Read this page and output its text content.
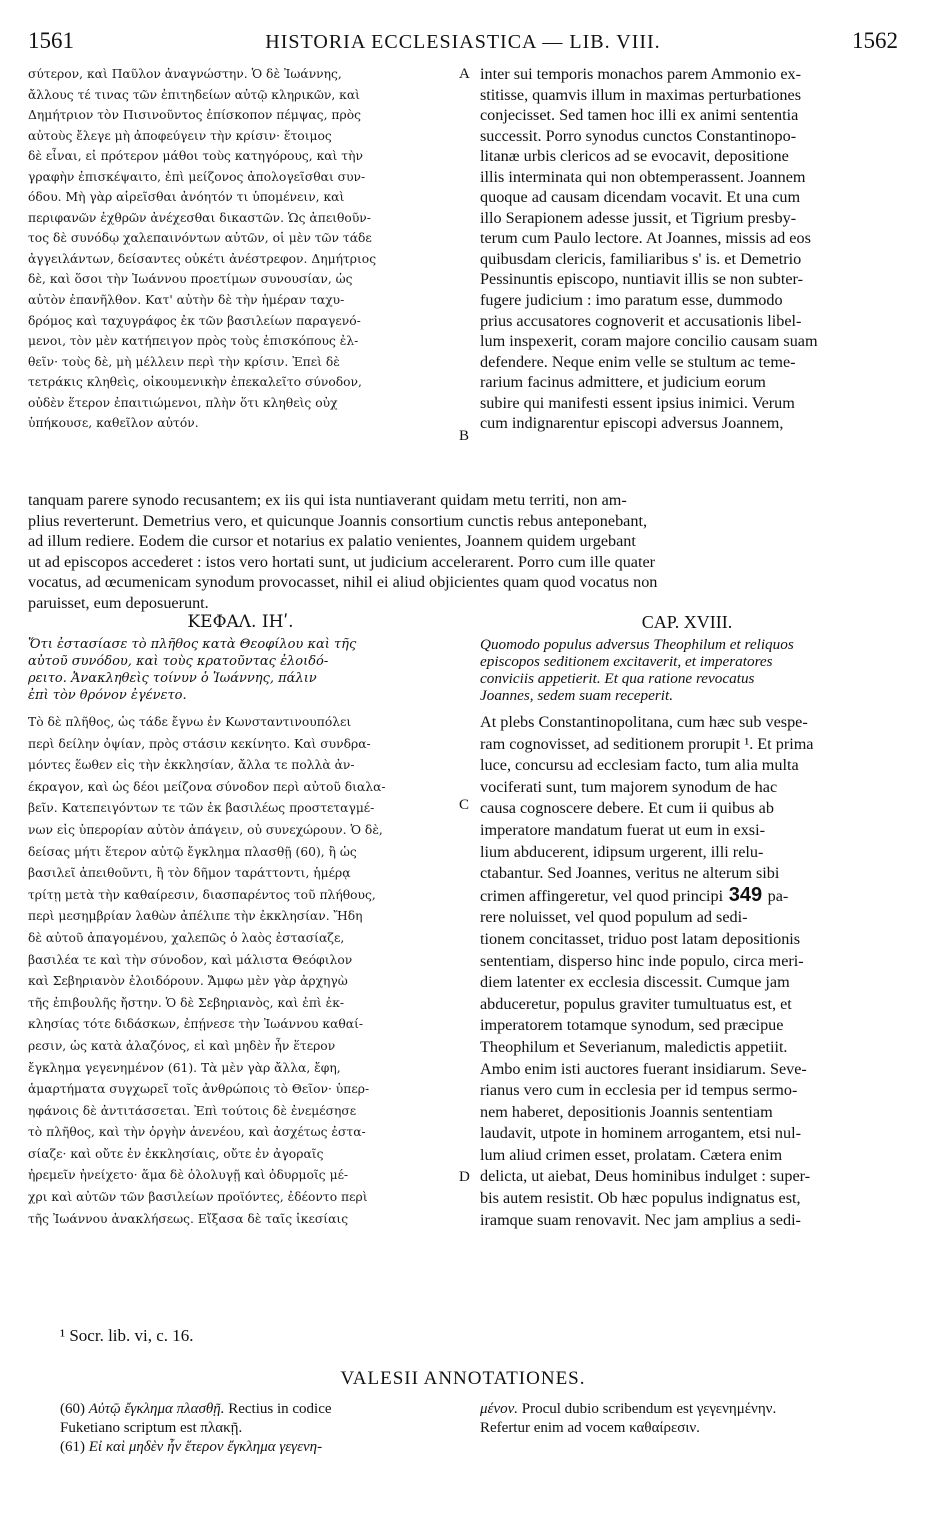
1561	HISTORIA ECCLESIASTICA — LIB. VIII.	1562
σύτερον, καὶ Παῦλον ἀναγνώστην. Ὁ δὲ Ἰωάννης,
ἄλλους τέ τινας τῶν ἐπιτηδείων αὐτῷ κληρικῶν, καὶ
Δημήτριον τὸν Πισινοῦντος ἐπίσκοπον πέμψας, πρὸς
αὐτοὺς ἔλεγε μὴ ἀποφεύγειν τὴν κρίσιν· ἕτοιμος
δὲ εἶναι, εἰ πρότερον μάθοι τοὺς κατηγόρους, καὶ τὴν
γραφὴν ἐπισκέψαιτο, ἐπὶ μείζονος ἀπολογεῖσθαι συν-
όδου. Μὴ γὰρ αἱρεῖσθαι ἀνόητόν τι ὑπομένειν, καὶ
περιφανῶν ἐχθρῶν ἀνέχεσθαι δικαστῶν. Ὡς ἀπειθοῦν-
τος δὲ συνόδῳ χαλεπαινόντων αὐτῶν, οἱ μὲν τῶν τάδε
ἀγγειλάντων, δείσαντες οὐκέτι ἀνέστρεφον. Δημήτριος
δὲ, καὶ ὅσοι τὴν Ἰωάννου προετίμων συνουσίαν, ὡς
αὐτὸν ἐπανῆλθον. Κατ' αὐτὴν δὲ τὴν ἡμέραν ταχυ-
δρόμος καὶ ταχυγράφος ἐκ τῶν βασιλείων παραγενό-
μενοι, τὸν μὲν κατήπειγον πρὸς τοὺς ἐπισκόπους ἐλ-
θεῖν· τοὺς δὲ, μὴ μέλλειν περὶ τὴν κρίσιν. Ἐπεὶ δὲ
τετράκις κληθεὶς, οἰκουμενικὴν ἐπεκαλεῖτο σύνοδον,
οὐδὲν ἕτερον ἐπαιτιώμενοι, πλὴν ὅτι κληθεὶς οὐχ
ὑπήκουσε, καθεῖλον αὐτόν.
inter sui temporis monachos parem Ammonio ex-
stitisse, quamvis illum in maximas perturbationes
conjecisset. Sed tamen hoc illi ex animi sententia
successit. Porro synodus cunctos Constantinopo-
litanæ urbis clericos ad se evocavit, depositione
illis interminata qui non obtemperassent. Joannem
quoque ad causam dicendam vocavit. Et una cum
illo Serapionem adesse jussit, et Tigrium presby-
terum cum Paulo lectore. At Joannes, missis ad eos
quibusdam clericis, familiaribus s' is. et Demetrio
Pessinuntis episcopo, nuntiavit illis se non subter-
fugere judicium : imo paratum esse, dummodo
prius accusatores cognoverit et accusationis libel-
lum inspexerit, coram majore concilio causam suam
defendere. Neque enim velle se stultum ac teme-
rarium facinus admittere, et judicium eorum
subire qui manifesti essent ipsius inimici. Verum
cum indignarentur episcopi adversus Joannem,
A
B
C
D
tanquam parere synodo recusantem; ex iis qui ista nuntiaverant quidam metu territi, non am-
plius reverterunt. Demetrius vero, et quicunque Joannis consortium cunctis rebus anteponebant,
ad illum rediere. Eodem die cursor et notarius ex palatio venientes, Joannem quidem urgebant
ut ad episcopos accederet : istos vero hortati sunt, ut judicium accelerarent. Porro cum ille quater
vocatus, ad œcumenicam synodum provocasset, nihil ei aliud objicientes quam quod vocatus non
paruisset, eum deposuerunt.
ΚΕΦΑΛ. ΙΗʹ.	CAP. XVIII.
Ὅτι ἐστασίασε τὸ πλῆθος κατὰ Θεοφίλου καὶ τῆς
αὐτοῦ συνόδου, καὶ τοὺς κρατοῦντας ἐλοιδό-
ρειτο. Ἀνακληθεὶς τοίνυν ὁ Ἰωάννης, πάλιν
ἐπὶ τὸν θρόνον ἐγένετο.
Quomodo populus adversus Theophilum et reliquos
episcopos seditionem excitaverit, et imperatores
conviciis appetierit. Et qua ratione revocatus
Joannes, sedem suam receperit.
Τὸ δὲ πλῆθος, ὡς τάδε ἔγνω ἐν Κωνσταντινουπόλει
περὶ δείλην ὀψίαν, πρὸς στάσιν κεκίνητο. Καὶ συνδρα-
μόντες ἕωθεν εἰς τὴν ἐκκλησίαν, ἄλλα τε πολλὰ ἀν-
έκραγον, καὶ ὡς δέοι μείζονα σύνοδον περὶ αὐτοῦ διαλα-
βεῖν. Κατεπειγόντων τε τῶν ἐκ βασιλέως προστεταγμέ-
νων εἰς ὑπερορίαν αὐτὸν ἀπάγειν, οὐ συνεχώρουν. Ὁ δὲ,
δείσας μήτι ἕτερον αὐτῷ ἔγκλημα πλασθῇ (60), ἢ ὡς
βασιλεῖ ἀπειθοῦντι, ἢ τὸν δῆμον ταράττοντι, ἡμέρᾳ
τρίτῃ μετὰ τὴν καθαίρεσιν, διασπαρέντος τοῦ πλήθους,
περὶ μεσημβρίαν λαθὼν ἀπέλιπε τὴν ἐκκλησίαν. Ἤδη
δὲ αὐτοῦ ἀπαγομένου, χαλεπῶς ὁ λαὸς ἐστασίαζε,
βασιλέα τε καὶ τὴν σύνοδον, καὶ μάλιστα Θεόφιλον
καὶ Σεβηριανὸν ἐλοιδόρουν. Ἄμφω μὲν γὰρ ἀρχηγὼ
τῆς ἐπιβουλῆς ἤστην. Ὁ δὲ Σεβηριανὸς, καὶ ἐπὶ ἐκ-
κλησίας τότε διδάσκων, ἐπῄνεσε τὴν Ἰωάννου καθαί-
ρεσιν, ὡς κατὰ ἀλαζόνος, εἰ καὶ μηδὲν ἦν ἕτερον
ἔγκλημα γεγενημένον (61). Τὰ μὲν γὰρ ἄλλα, ἔφη,
ἁμαρτήματα συγχωρεῖ τοῖς ἀνθρώποις τὸ Θεῖον· ὑπερ-
ηφάνοις δὲ ἀντιτάσσεται. Ἐπὶ τούτοις δὲ ἐνεμέσησε
τὸ πλῆθος, καὶ τὴν ὀργὴν ἀνενέου, καὶ ἀσχέτως ἐστα-
σίαζε· καὶ οὔτε ἐν ἐκκλησίαις, οὔτε ἐν ἀγοραῖς
ἠρεμεῖν ἠνείχετο· ἅμα δὲ ὀλολυγῇ καὶ ὀδυρμοῖς μέ-
χρι καὶ αὐτῶν τῶν βασιλείων προϊόντες, ἐδέοντο περὶ
τῆς Ἰωάννου ἀνακλήσεως. Εἴξασα δὲ ταῖς ἱκεσίαις
At plebs Constantinopolitana, cum hæc sub vespe-
ram cognovisset, ad seditionem prorupit ¹. Et prima
luce, concursu ad ecclesiam facto, tum alia multa
vociferati sunt, tum majorem synodum de hac
causa cognoscere debere. Et cum ii quibus ab
imperatore mandatum fuerat ut eum in exsi-
lium abducerent, idipsum urgerent, illi relu-
ctabantur. Sed Joannes, veritus ne alterum sibi
crimen affingeretur, vel quod principi 349 pa-
rere noluisset, vel quod populum ad sedi-
tionem concitasset, triduo post latam depositionis
sententiam, disperso hinc inde populo, circa meri-
diem latenter ex ecclesia discessit. Cumque jam
abduceretur, populus graviter tumultuatus est, et
imperatorem totamque synodum, sed præcipue
Theophilum et Severianum, maledictis appetiit.
Ambo enim isti auctores fuerant insidiarum. Seve-
rianus vero cum in ecclesia per id tempus sermo-
nem haberet, depositionis Joannis sententiam
laudavit, utpote in hominem arrogantem, etsi nul-
lum aliud crimen esset, prolatam. Cætera enim
delicta, ut aiebat, Deus hominibus indulget : super-
bis autem resistit. Ob hæc populus indignatus est,
iramque suam renovavit. Nec jam amplius a sedi-
¹ Socr. lib. vi, c. 16.
VALESII ANNOTATIONES.
(60) Αὐτῷ ἔγκλημα πλασθῇ. Rectius in codice
Fuketiano scriptum est πλακῇ.
(61) Εἰ καὶ μηδὲν ἦν ἕτερον ἔγκλημα γεγενη-
μένον. Procul dubio scribendum est γεγενημένην.
Refertur enim ad vocem καθαίρεσιν.
